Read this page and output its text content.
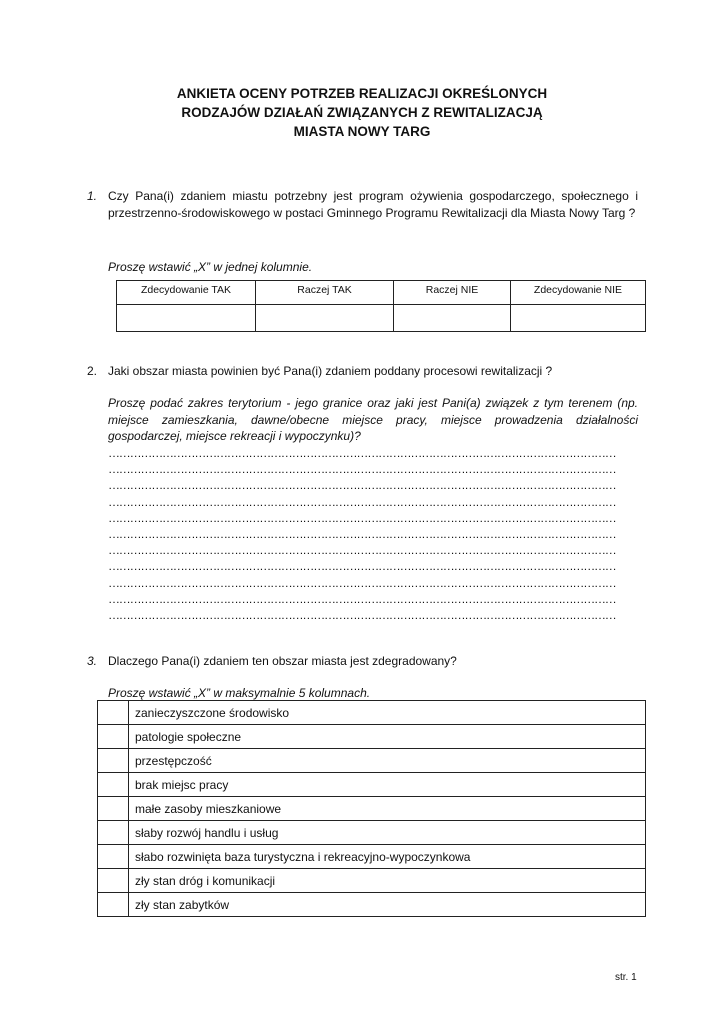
ANKIETA OCENY POTRZEB REALIZACJI OKREŚLONYCH
RODZAJÓW DZIAŁAŃ ZWIĄZANYCH Z REWITALIZACJĄ
MIASTA NOWY TARG
1. Czy Pana(i) zdaniem miastu potrzebny jest program ożywienia gospodarczego, społecznego i przestrzenno-środowiskowego w postaci Gminnego Programu Rewitalizacji dla Miasta Nowy Targ ?
Proszę wstawić „X” w jednej kolumnie.
Zdecydowanie TAK	Raczej TAK	Raczej NIE	Zdecydowanie NIE

2. Jaki obszar miasta powinien być Pana(i) zdaniem poddany procesowi rewitalizacji ?
Proszę podać zakres terytorium - jego granice oraz jaki jest Pani(a) związek z tym terenem (np. miejsce zamieszkania, dawne/obecne miejsce pracy, miejsce prowadzenia działalności gospodarczej, miejsce rekreacji i wypoczynku)?
……………………………………………………………………………………………………………………………
……………………………………………………………………………………………………………………………
……………………………………………………………………………………………………………………………
……………………………………………………………………………………………………………………………
……………………………………………………………………………………………………………………………
……………………………………………………………………………………………………………………………
……………………………………………………………………………………………………………………………
……………………………………………………………………………………………………………………………
……………………………………………………………………………………………………………………………
……………………………………………………………………………………………………………………………
……………………………………………………………………………………………………………………………
3. Dlaczego Pana(i) zdaniem ten obszar miasta jest zdegradowany?
Proszę wstawić „X” w maksymalnie 5 kolumnach.
	zanieczyszczone środowisko
	patologie społeczne
	przestępczość
	brak miejsc pracy
	małe zasoby mieszkaniowe
	słaby rozwój handlu i usług
	słabo rozwinięta baza turystyczna i rekreacyjno-wypoczynkowa
	zły stan dróg i komunikacji
	zły stan zabytków
str. 1
